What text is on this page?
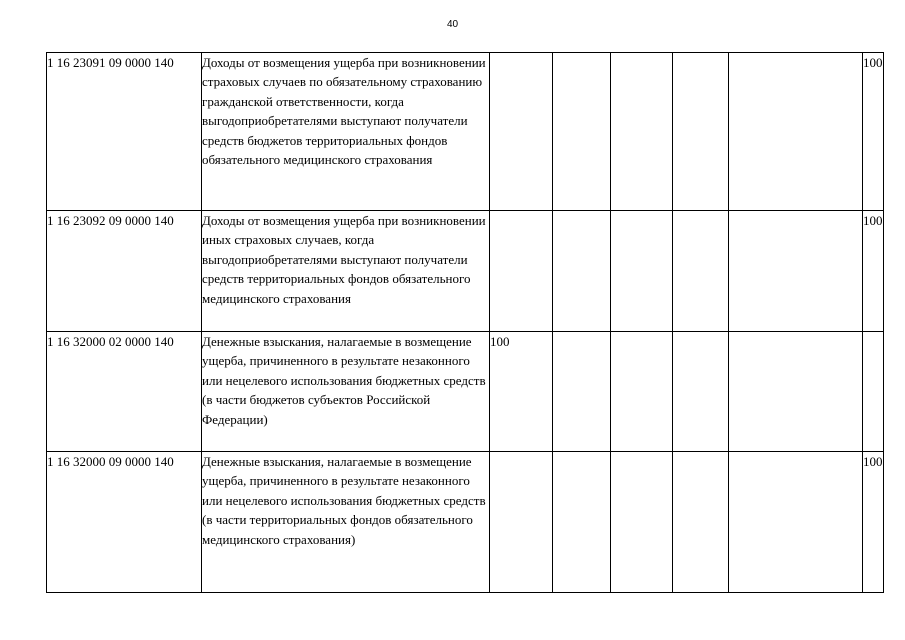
40
1 16 23091 09 0000 140	Доходы от возмещения ущерба при возникновении страховых случаев по обязательному страхованию гражданской ответственности, когда выгодоприобретателями выступают получатели средств бюджетов территориальных фондов обязательного медицинского страхования						100
1 16 23092 09 0000 140	Доходы от возмещения ущерба при возникновении иных страховых случаев, когда выгодоприобретателями выступают получатели средств территориальных фондов обязательного медицинского страхования						100
1 16 32000 02 0000 140	Денежные взыскания, налагаемые в возмещение ущерба, причиненного в результате незаконного или нецелевого использования бюджетных средств (в части бюджетов субъектов Российской Федерации)	100					
1 16 32000 09 0000 140	Денежные взыскания, налагаемые в возмещение ущерба, причиненного в результате незаконного или нецелевого использования бюджетных средств (в части территориальных фондов обязательного медицинского страхования)						100
